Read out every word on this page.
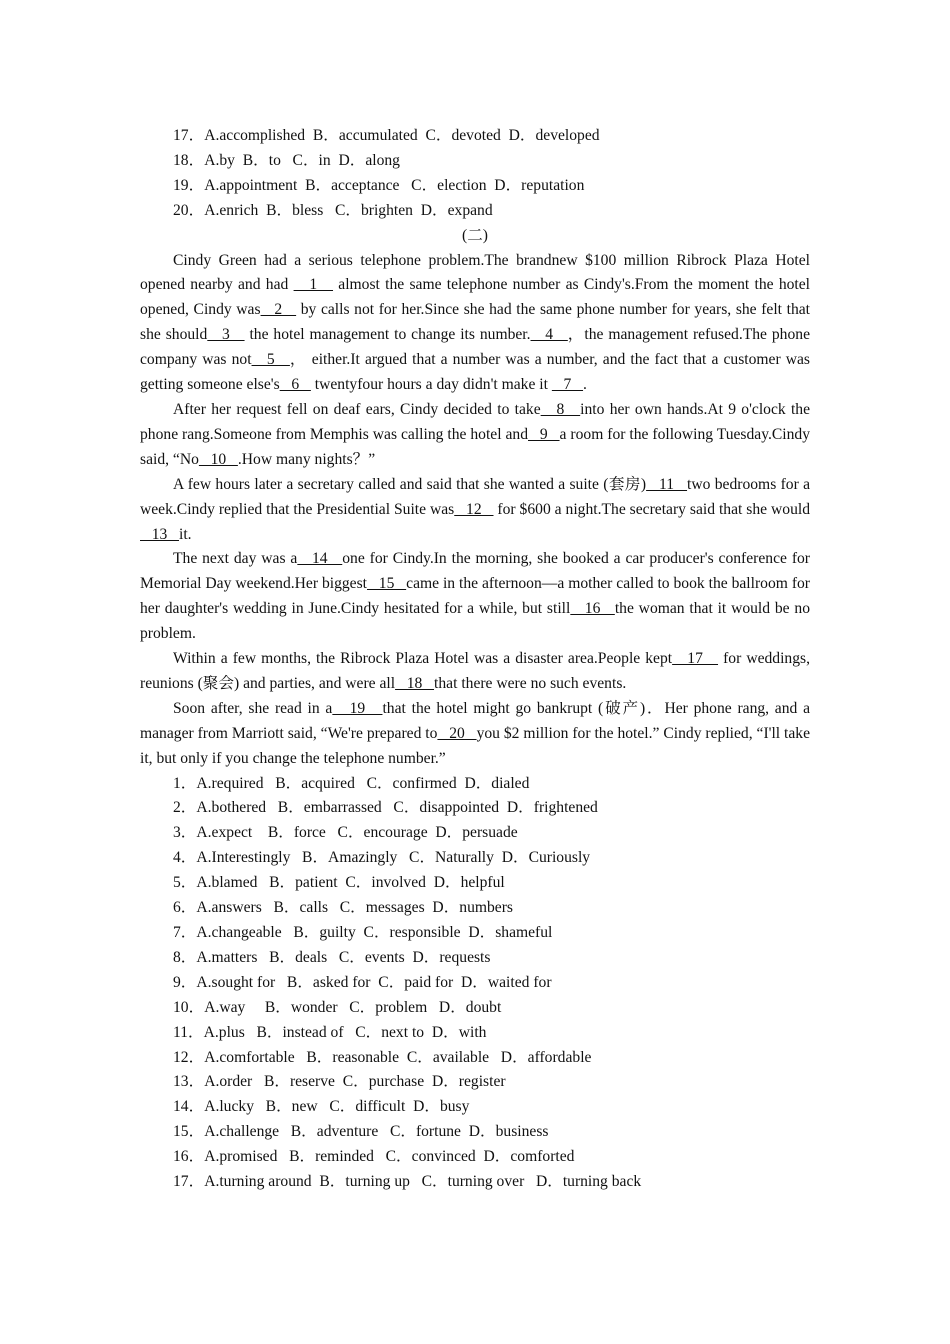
17．A.accomplished  B．accumulated  C．devoted  D．developed

18．A.by  B．to   C．in  D．along

19．A.appointment  B．acceptance   C．election  D．reputation

20．A.enrich  B．bless   C．brighten  D．expand

(二)

Cindy Green had a serious telephone problem.The brandnew $100 million Ribrock Plaza Hotel opened nearby and had    1    almost the same telephone number as Cindy's.From the moment the hotel opened, Cindy was   2    by calls not for her.Since she had the same phone number for years, she felt that she should   3    the hotel management to change its number.   4   ，the management refused.The phone company was not   5   ， either.It argued that a number was a number, and the fact that a customer was getting someone else's   6    twentyfour hours a day didn't make it    7   .

After her request fell on deaf ears, Cindy decided to take   8   into her own hands.At 9 o'clock the phone rang.Someone from Memphis was calling the hotel and   9   a room for the following Tuesday.Cindy said, “No   10   .How many nights？”

A few hours later a secretary called and said that she wanted a suite (套房)   11   two bedrooms for a week.Cindy replied that the Presidential Suite was   12    for $600 a night.The secretary said that she would   13   it.

The next day was a   14   one for Cindy.In the morning, she booked a car producer's conference for Memorial Day weekend.Her biggest   15   came in the afternoon—a mother called to book the ballroom for her daughter's wedding in June.Cindy hesitated for a while, but still   16   the woman that it would be no problem.

Within a few months, the Ribrock Plaza Hotel was a disaster area.People kept   17    for weddings, reunions (聚会) and parties, and were all   18   that there were no such events.

Soon after, she read in a   19   that the hotel might go bankrupt (破产)．Her phone rang, and a manager from Marriott said, “We're prepared to   20   you $2 million for the hotel.” Cindy replied, “I'll take it, but only if you change the telephone number.”

1．A.required   B．acquired   C．confirmed  D．dialed

2．A.bothered   B．embarrassed   C．disappointed  D．frightened

3．A.expect    B．force   C．encourage  D．persuade

4．A.Interestingly   B．Amazingly   C．Naturally  D．Curiously

5．A.blamed   B．patient  C．involved  D．helpful

6．A.answers   B．calls   C．messages  D．numbers

7．A.changeable   B．guilty  C．responsible  D．shameful

8．A.matters   B．deals   C．events  D．requests

9．A.sought for   B．asked for  C．paid for  D．waited for

10．A.way     B．wonder   C．problem   D．doubt

11．A.plus   B．instead of   C．next to  D．with

12．A.comfortable   B．reasonable  C．available   D．affordable

13．A.order   B．reserve  C．purchase  D．register

14．A.lucky   B．new   C．difficult  D．busy

15．A.challenge   B．adventure   C．fortune  D．business

16．A.promised   B．reminded   C．convinced  D．comforted

17．A.turning around  B．turning up   C．turning over   D．turning back
